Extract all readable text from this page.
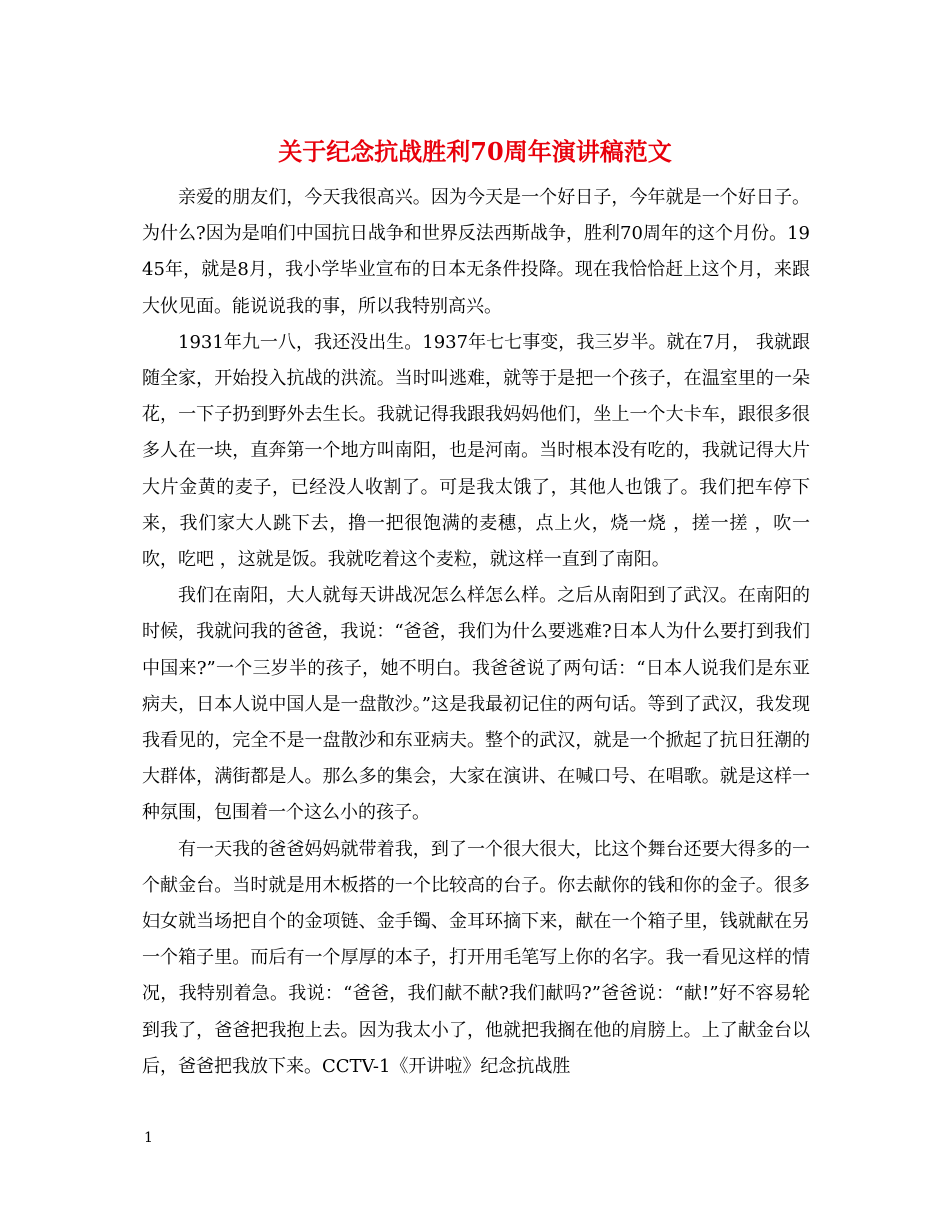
关于纪念抗战胜利70周年演讲稿范文

亲爱的朋友们，今天我很高兴。因为今天是一个好日子，今年就是一个好日子。为什么?因为是咱们中国抗日战争和世界反法西斯战争，胜利70周年的这个月份。1945年，就是8月，我小学毕业宣布的日本无条件投降。现在我恰恰赶上这个月，来跟大伙见面。能说说我的事，所以我特别高兴。

1931年九一八，我还没出生。1937年七七事变，我三岁半。就在7月， 我就跟随全家，开始投入抗战的洪流。当时叫逃难，就等于是把一个孩子，在温室里的一朵花，一下子扔到野外去生长。我就记得我跟我妈妈他们，坐上一个大卡车，跟很多很多人在一块，直奔第一个地方叫南阳，也是河南。当时根本没有吃的，我就记得大片大片金黄的麦子，已经没人收割了。可是我太饿了，其他人也饿了。我们把车停下来，我们家大人跳下去，撸一把很饱满的麦穗，点上火，烧一烧 ，搓一搓 ，吹一吹，吃吧 ，这就是饭。我就吃着这个麦粒，就这样一直到了南阳。

我们在南阳，大人就每天讲战况怎么样怎么样。之后从南阳到了武汉。在南阳的时候，我就问我的爸爸，我说：“爸爸，我们为什么要逃难?日本人为什么要打到我们中国来?”一个三岁半的孩子，她不明白。我爸爸说了两句话：“日本人说我们是东亚病夫，日本人说中国人是一盘散沙。”这是我最初记住的两句话。等到了武汉，我发现我看见的，完全不是一盘散沙和东亚病夫。整个的武汉，就是一个掀起了抗日狂潮的大群体，满街都是人。那么多的集会，大家在演讲、在喊口号、在唱歌。就是这样一种氛围，包围着一个这么小的孩子。

有一天我的爸爸妈妈就带着我，到了一个很大很大，比这个舞台还要大得多的一个献金台。当时就是用木板搭的一个比较高的台子。你去献你的钱和你的金子。很多妇女就当场把自个的金项链、金手镯、金耳环摘下来，献在一个箱子里，钱就献在另一个箱子里。而后有一个厚厚的本子，打开用毛笔写上你的名字。我一看见这样的情况，我特别着急。我说：“爸爸，我们献不献?我们献吗?”爸爸说：“献!”好不容易轮到我了，爸爸把我抱上去。因为我太小了，他就把我搁在他的肩膀上。上了献金台以后，爸爸把我放下来。CCTV-1《开讲啦》纪念抗战胜

1
